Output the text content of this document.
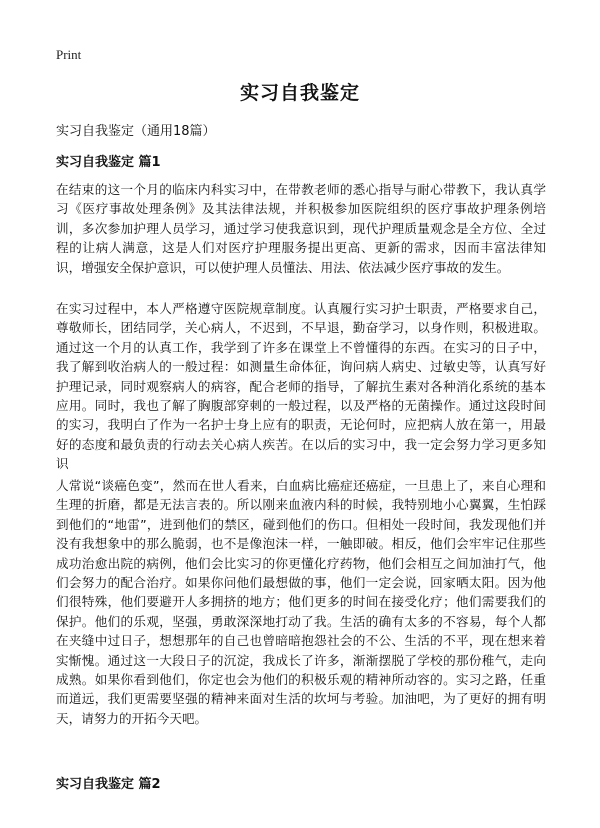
Print
实习自我鉴定

实习自我鉴定（通用18篇）

实习自我鉴定 篇1

在结束的这一个月的临床内科实习中，在带教老师的悉心指导与耐心带教下，我认真学习《医疗事故处理条例》及其法律法规，并积极参加医院组织的医疗事故护理条例培训，多次参加护理人员学习，通过学习使我意识到，现代护理质量观念是全方位、全过程的让病人满意，这是人们对医疗护理服务提出更高、更新的需求，因而丰富法律知识，增强安全保护意识，可以使护理人员懂法、用法、依法减少医疗事故的发生。

在实习过程中，本人严格遵守医院规章制度。认真履行实习护士职责，严格要求自己，尊敬师长，团结同学，关心病人，不迟到，不早退，勤奋学习，以身作则，积极进取。通过这一个月的认真工作，我学到了许多在课堂上不曾懂得的东西。在实习的日子中，我了解到收治病人的一般过程：如测量生命体征，询问病人病史、过敏史等，认真写好护理记录，同时观察病人的病容，配合老师的指导，了解抗生素对各种消化系统的基本应用。同时，我也了解了胸腹部穿刺的一般过程，以及严格的无菌操作。通过这段时间的实习，我明白了作为一名护士身上应有的职责，无论何时，应把病人放在第一，用最好的态度和最负责的行动去关心病人疾苦。在以后的实习中，我一定会努力学习更多知识

人常说“谈癌色变”，然而在世人看来，白血病比癌症还癌症，一旦患上了，来自心理和生理的折磨，都是无法言表的。所以刚来血液内科的时候，我特别地小心翼翼，生怕踩到他们的“地雷”，进到他们的禁区，碰到他们的伤口。但相处一段时间，我发现他们并没有我想象中的那么脆弱，也不是像泡沫一样，一触即破。相反，他们会牢牢记住那些成功治愈出院的病例，他们会比实习的你更懂化疗药物，他们会相互之间加油打气，他们会努力的配合治疗。如果你问他们最想做的事，他们一定会说，回家晒太阳。因为他们很特殊，他们要避开人多拥挤的地方；他们更多的时间在接受化疗；他们需要我们的保护。他们的乐观，坚强，勇敢深深地打动了我。生活的确有太多的不容易，每个人都在夹缝中过日子，想想那年的自己也曾暗暗抱怨社会的不公、生活的不平，现在想来着实惭愧。通过这一大段日子的沉淀，我成长了许多，渐渐摆脱了学校的那份稚气，走向成熟。如果你看到他们，你定也会为他们的积极乐观的精神所动容的。实习之路，任重而道远，我们更需要坚强的精神来面对生活的坎坷与考验。加油吧，为了更好的拥有明天，请努力的开拓今天吧。

实习自我鉴定 篇2
